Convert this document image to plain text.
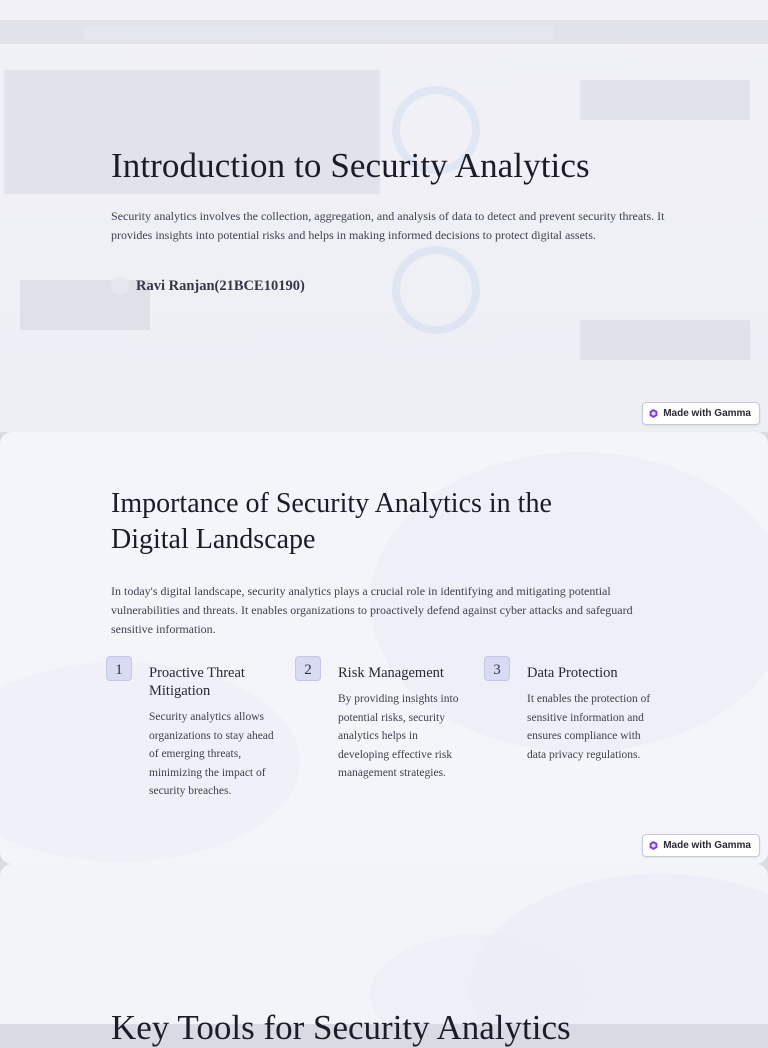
Introduction to Security Analytics

Security analytics involves the collection, aggregation, and analysis of data to detect and prevent security threats. It provides insights into potential risks and helps in making informed decisions to protect digital assets.

Ravi Ranjan(21BCE10190)
Made with Gamma
Importance of Security Analytics in the Digital Landscape

In today's digital landscape, security analytics plays a crucial role in identifying and mitigating potential vulnerabilities and threats. It enables organizations to proactively defend against cyber attacks and safeguard sensitive information.

1	Proactive Threat Mitigation

Security analytics allows organizations to stay ahead of emerging threats, minimizing the impact of security breaches.

2	Risk Management

By providing insights into potential risks, security analytics helps in developing effective risk management strategies.

3	Data Protection

It enables the protection of sensitive information and ensures compliance with data privacy regulations.

Made with Gamma
Key Tools for Security Analytics
